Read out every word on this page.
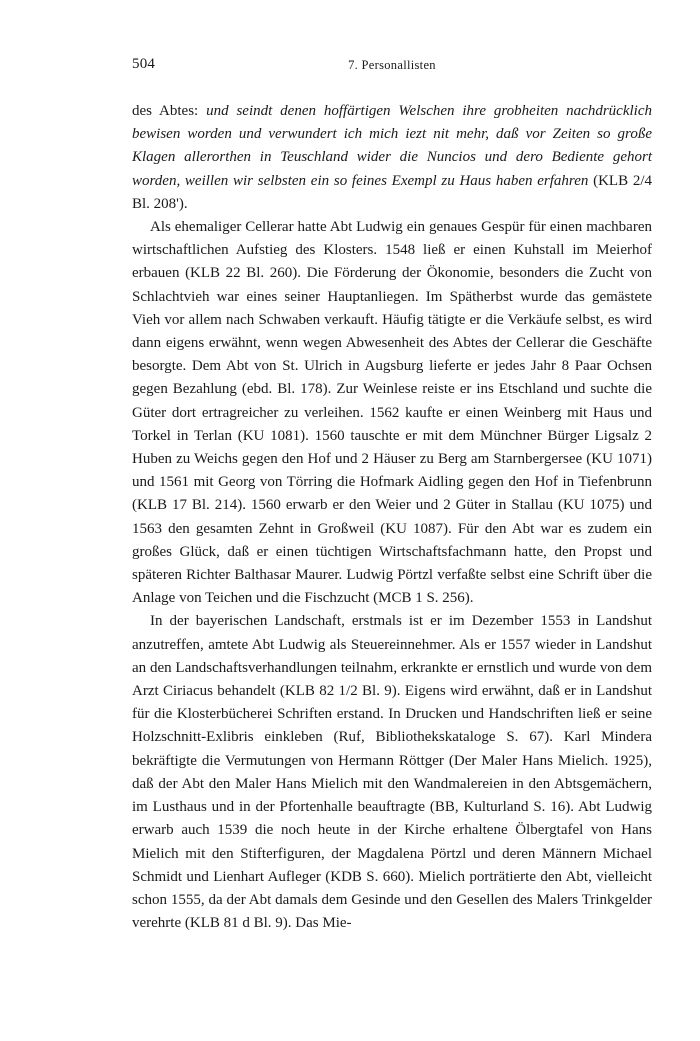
504	7. Personallisten

des Abtes: und seindt denen hoffärtigen Welschen ihre grobheiten nachdrücklich bewisen worden und verwundert ich mich iezt nit mehr, daß vor Zeiten so große Klagen allerorthen in Teuschland wider die Nuncios und dero Bediente gehort worden, weillen wir selbsten ein so feines Exempl zu Haus haben erfahren (KLB 2/4 Bl. 208').

Als ehemaliger Cellerar hatte Abt Ludwig ein genaues Gespür für einen machbaren wirtschaftlichen Aufstieg des Klosters. 1548 ließ er einen Kuhstall im Meierhof erbauen (KLB 22 Bl. 260). Die Förderung der Ökonomie, besonders die Zucht von Schlachtvieh war eines seiner Hauptanliegen. Im Spätherbst wurde das gemästete Vieh vor allem nach Schwaben verkauft. Häufig tätigte er die Verkäufe selbst, es wird dann eigens erwähnt, wenn wegen Abwesenheit des Abtes der Cellerar die Geschäfte besorgte. Dem Abt von St. Ulrich in Augsburg lieferte er jedes Jahr 8 Paar Ochsen gegen Bezahlung (ebd. Bl. 178). Zur Weinlese reiste er ins Etschland und suchte die Güter dort ertragreicher zu verleihen. 1562 kaufte er einen Weinberg mit Haus und Torkel in Terlan (KU 1081). 1560 tauschte er mit dem Münchner Bürger Ligsalz 2 Huben zu Weichs gegen den Hof und 2 Häuser zu Berg am Starnbergersee (KU 1071) und 1561 mit Georg von Törring die Hofmark Aidling gegen den Hof in Tiefenbrunn (KLB 17 Bl. 214). 1560 erwarb er den Weier und 2 Güter in Stallau (KU 1075) und 1563 den gesamten Zehnt in Großweil (KU 1087). Für den Abt war es zudem ein großes Glück, daß er einen tüchtigen Wirtschaftsfachmann hatte, den Propst und späteren Richter Balthasar Maurer. Ludwig Pörtzl verfaßte selbst eine Schrift über die Anlage von Teichen und die Fischzucht (MCB 1 S. 256).

In der bayerischen Landschaft, erstmals ist er im Dezember 1553 in Landshut anzutreffen, amtete Abt Ludwig als Steuereinnehmer. Als er 1557 wieder in Landshut an den Landschaftsverhandlungen teilnahm, erkrankte er ernstlich und wurde von dem Arzt Ciriacus behandelt (KLB 82 1/2 Bl. 9). Eigens wird erwähnt, daß er in Landshut für die Klosterbücherei Schriften erstand. In Drucken und Handschriften ließ er seine Holzschnitt-Exlibris einkleben (Ruf, Bibliothekskataloge S. 67). Karl Mindera bekräftigte die Vermutungen von Hermann Röttger (Der Maler Hans Mielich. 1925), daß der Abt den Maler Hans Mielich mit den Wandmalereien in den Abtsgemächern, im Lusthaus und in der Pfortenhalle beauftragte (BB, Kulturland S. 16). Abt Ludwig erwarb auch 1539 die noch heute in der Kirche erhaltene Ölbergtafel von Hans Mielich mit den Stifterfiguren, der Magdalena Pörtzl und deren Männern Michael Schmidt und Lienhart Aufleger (KDB S. 660). Mielich porträtierte den Abt, vielleicht schon 1555, da der Abt damals dem Gesinde und den Gesellen des Malers Trinkgelder verehrte (KLB 81 d Bl. 9). Das Mie-
